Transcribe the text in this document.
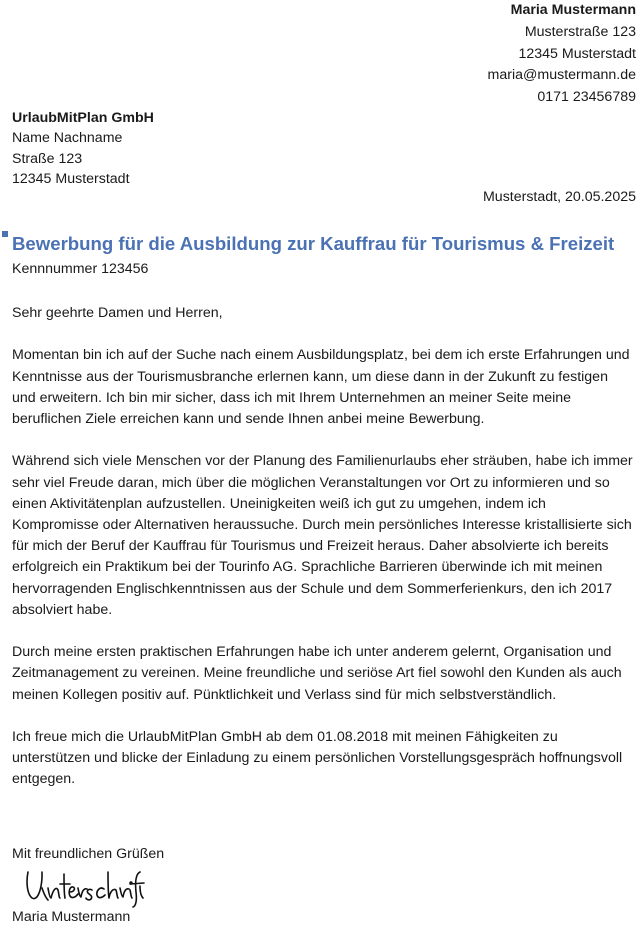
Maria Mustermann
Musterstraße 123
12345 Musterstadt
maria@mustermann.de
0171 23456789
UrlaubMitPlan GmbH
Name Nachname
Straße 123
12345 Musterstadt
Musterstadt, 20.05.2025
Bewerbung für die Ausbildung zur Kauffrau für Tourismus & Freizeit
Kennnummer 123456

Sehr geehrte Damen und Herren,

Momentan bin ich auf der Suche nach einem Ausbildungsplatz, bei dem ich erste Erfahrungen und Kenntnisse aus der Tourismusbranche erlernen kann, um diese dann in der Zukunft zu festigen und erweitern. Ich bin mir sicher, dass ich mit Ihrem Unternehmen an meiner Seite meine beruflichen Ziele erreichen kann und sende Ihnen anbei meine Bewerbung.

Während sich viele Menschen vor der Planung des Familienurlaubs eher sträuben, habe ich immer sehr viel Freude daran, mich über die möglichen Veranstaltungen vor Ort zu informieren und so einen Aktivitätenplan aufzustellen. Uneinigkeiten weiß ich gut zu umgehen, indem ich Kompromisse oder Alternativen heraussuche. Durch mein persönliches Interesse kristallisierte sich für mich der Beruf der Kauffrau für Tourismus und Freizeit heraus. Daher absolvierte ich bereits erfolgreich ein Praktikum bei der Tourinfo AG. Sprachliche Barrieren überwinde ich mit meinen hervorragenden Englischkenntnissen aus der Schule und dem Sommerferienkurs, den ich 2017 absolviert habe.

Durch meine ersten praktischen Erfahrungen habe ich unter anderem gelernt, Organisation und Zeitmanagement zu vereinen. Meine freundliche und seriöse Art fiel sowohl den Kunden als auch meinen Kollegen positiv auf. Pünktlichkeit und Verlass sind für mich selbstverständlich.

Ich freue mich die UrlaubMitPlan GmbH ab dem 01.08.2018 mit meinen Fähigkeiten zu unterstützen und blicke der Einladung zu einem persönlichen Vorstellungsgespräch hoffnungsvoll entgegen.

Mit freundlichen Grüßen
Maria Mustermann
